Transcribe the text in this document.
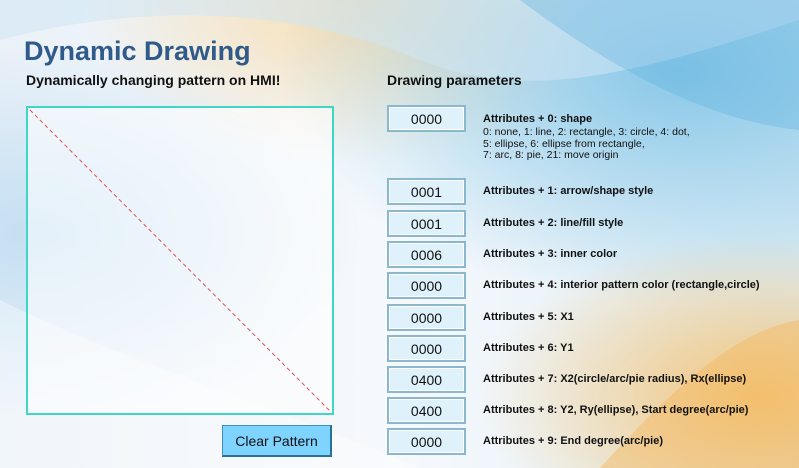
Dynamic Drawing
Dynamically changing pattern on HMI!	Drawing parameters
Clear Pattern
0000	Attributes + 0: shape
0: none, 1: line, 2: rectangle, 3: circle, 4: dot,
5: ellipse, 6: ellipse from rectangle,
7: arc, 8: pie, 21: move origin
0001	Attributes + 1: arrow/shape style
0001	Attributes + 2: line/fill style
0006	Attributes + 3: inner color
0000	Attributes + 4: interior pattern color (rectangle,circle)
0000	Attributes + 5: X1
0000	Attributes + 6: Y1
0400	Attributes + 7: X2(circle/arc/pie radius), Rx(ellipse)
0400	Attributes + 8: Y2, Ry(ellipse), Start degree(arc/pie)
0000	Attributes + 9: End degree(arc/pie)
